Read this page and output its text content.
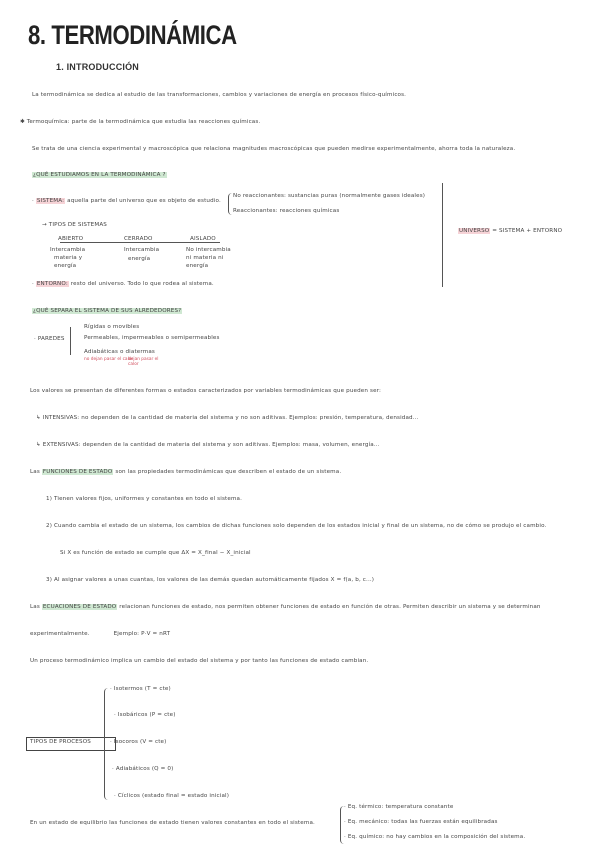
8. TERMODINÁMICA
1. INTRODUCCIÓN
La termodinámica se dedica al estudio de las transformaciones, cambios y variaciones de energía en procesos físico-químicos.
✱ Termoquímica: parte de la termodinámica que estudia las reacciones químicas.
Se trata de una ciencia experimental y macroscópica que relaciona magnitudes macroscópicas que pueden medirse experimentalmente, ahorra toda la naturaleza.
¿QUÉ ESTUDIAMOS EN LA TERMODINÁMICA ?
· SISTEMA: aquella parte del universo que es objeto de estudio.
No reaccionantes: sustancias puras (normalmente gases ideales)
Reaccionantes: reacciones químicas
→ TIPOS DE SISTEMAS
ABIERTO
Intercambia
materia y
energía
CERRADO
Intercambia
energía
AISLADO
No intercambia
ni materia ni
energía
· ENTORNO: resto del universo. Todo lo que rodea al sistema.
UNIVERSO = SISTEMA + ENTORNO
¿QUÉ SEPARA EL SISTEMA DE SUS ALREDEDORES?
· PAREDES
Rígidas o movibles
Permeables, impermeables o semipermeables
Adiabáticas o diatermas
no dejan pasar el calor
dejan pasar el calor
Los valores se presentan de diferentes formas o estados caracterizados por variables termodinámicas que pueden ser:
↳ INTENSIVAS: no dependen de la cantidad de materia del sistema y no son aditivas. Ejemplos: presión, temperatura, densidad...
↳ EXTENSIVAS: dependen de la cantidad de materia del sistema y son aditivas. Ejemplos: masa, volumen, energía...
Las FUNCIONES DE ESTADO son las propiedades termodinámicas que describen el estado de un sistema.
1) Tienen valores fijos, uniformes y constantes en todo el sistema.
2) Cuando cambia el estado de un sistema, los cambios de dichas funciones solo dependen de los estados inicial y final de un sistema, no de cómo se produjo el cambio.
Si X es función de estado se cumple que ΔX = X_final − X_inicial
3) Al asignar valores a unas cuantas, los valores de las demás quedan automáticamente fijados X = f(a, b, c...)
Las ECUACIONES DE ESTADO relacionan funciones de estado, nos permiten obtener funciones de estado en función de otras. Permiten describir un sistema y se determinan
experimentalmente.	Ejemplo: P·V = nRT
Un proceso termodinámico implica un cambio del estado del sistema y por tanto las funciones de estado cambian.
TIPOS DE PROCESOS
· Isotermos (T = cte)
· Isobáricos (P = cte)
· Isocoros (V = cte)
· Adiabáticos (Q = 0)
· Cíclicos (estado final = estado inicial)
En un estado de equilibrio las funciones de estado tienen valores constantes en todo el sistema.
· Eq. térmico: temperatura constante
· Eq. mecánico: todas las fuerzas están equilibradas
· Eq. químico: no hay cambios en la composición del sistema.
